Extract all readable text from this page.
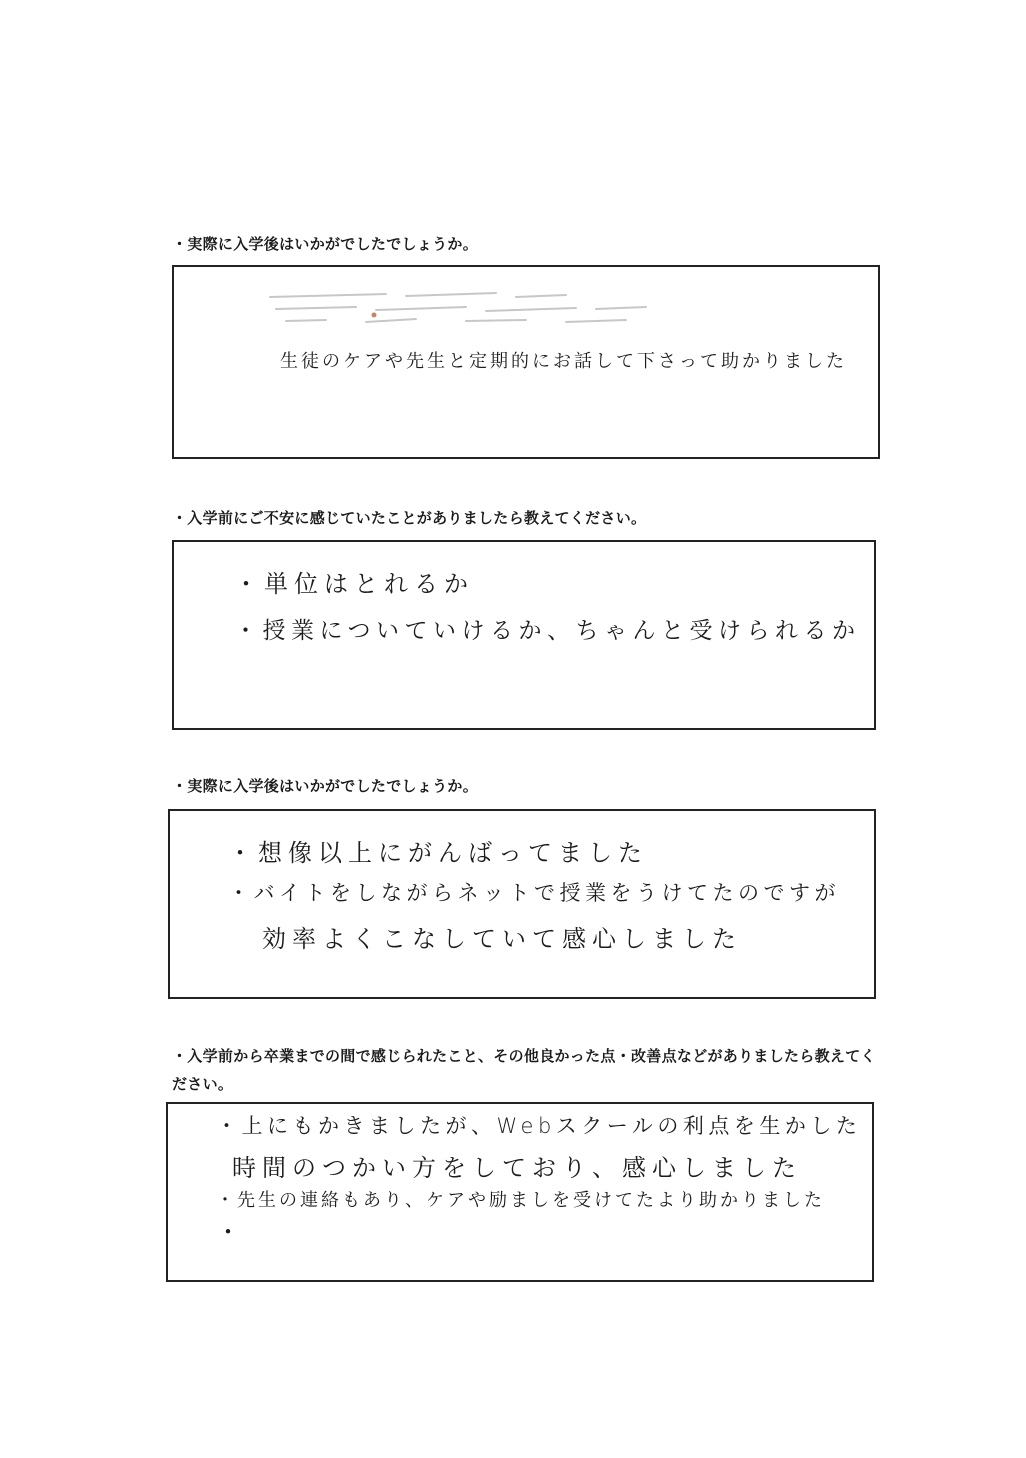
・実際に入学後はいかがでしたでしょうか。

生徒のケアや先生と定期的にお話して下さって助かりました

・入学前にご不安に感じていたことがありましたら教えてください。

・単位はとれるか

・授業についていけるか、ちゃんと受けられるか

・実際に入学後はいかがでしたでしょうか。

・想像以上にがんばってました

・バイトをしながらネットで授業をうけてたのですが

効率よくこなしていて感心しました

・入学前から卒業までの間で感じられたこと、その他良かった点・改善点などがありましたら教えてく

ださい。

・上にもかきましたが、Webスクールの利点を生かした

時間のつかい方をしており、感心しました

・先生の連絡もあり、ケアや励ましを受けてたより助かりました

・
